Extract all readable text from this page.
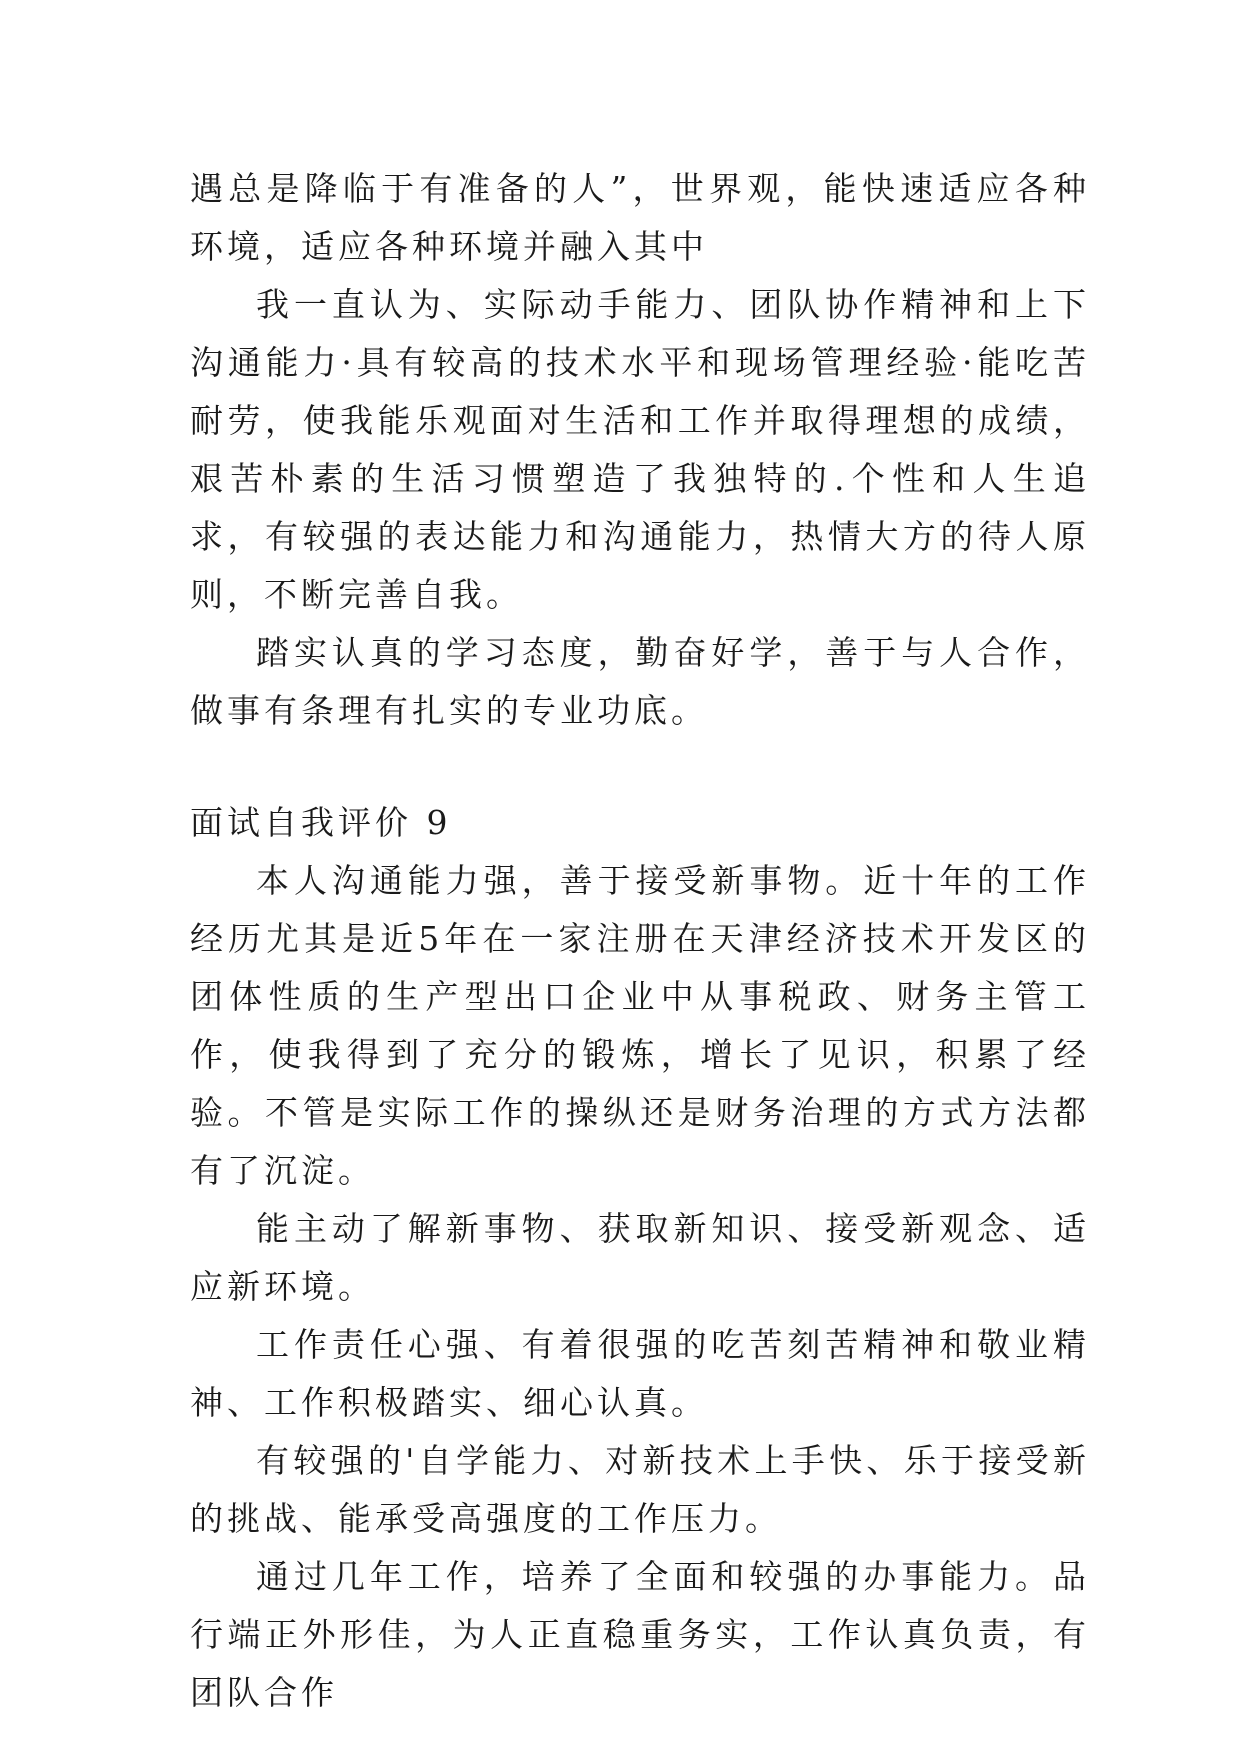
遇总是降临于有准备的人”，世界观，能快速适应各种环境，适应各种环境并融入其中

我一直认为、实际动手能力、团队协作精神和上下沟通能力·具有较高的技术水平和现场管理经验·能吃苦耐劳，使我能乐观面对生活和工作并取得理想的成绩，艰苦朴素的生活习惯塑造了我独特的.个性和人生追求，有较强的表达能力和沟通能力，热情大方的待人原则，不断完善自我。

踏实认真的学习态度，勤奋好学，善于与人合作，做事有条理有扎实的专业功底。

面试自我评价 9

本人沟通能力强，善于接受新事物。近十年的工作经历尤其是近5年在一家注册在天津经济技术开发区的团体性质的生产型出口企业中从事税政、财务主管工作，使我得到了充分的锻炼，增长了见识，积累了经验。不管是实际工作的操纵还是财务治理的方式方法都有了沉淀。

能主动了解新事物、获取新知识、接受新观念、适应新环境。

工作责任心强、有着很强的吃苦刻苦精神和敬业精神、工作积极踏实、细心认真。

有较强的'自学能力、对新技术上手快、乐于接受新的挑战、能承受高强度的工作压力。

通过几年工作，培养了全面和较强的办事能力。品行端正外形佳，为人正直稳重务实，工作认真负责，有团队合作
